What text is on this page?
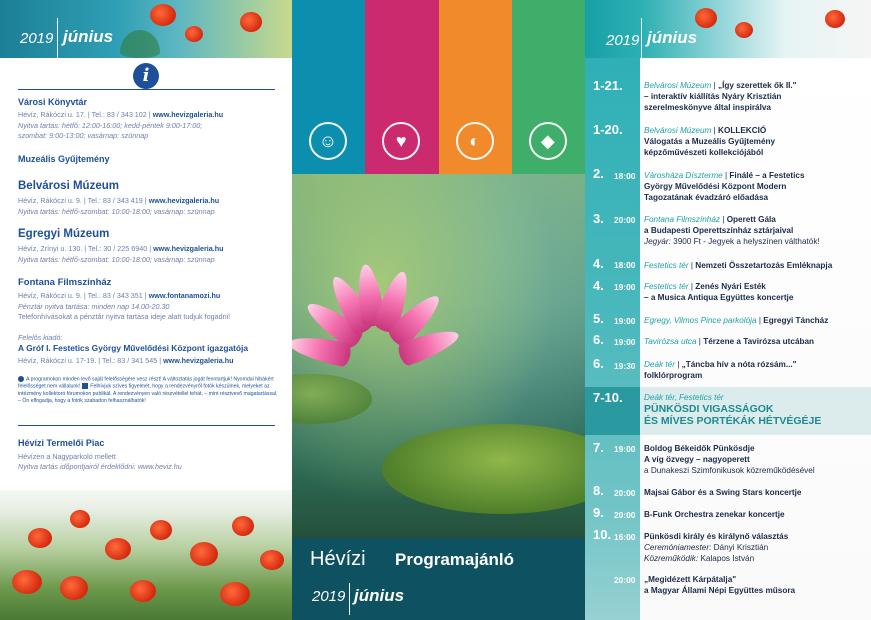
2019 június
i
Városi Könyvtár
Hévíz, Rákóczi u. 17. | Tel.: 83 / 343 102 | www.hevizgaleria.hu
Nyitva tartás: hétfő: 12:00-16:00; kedd-péntek 9:00-17:00;
szombat: 9:00-13:00; vasárnap: szünnap
Muzeális Gyűjtemény
Belvárosi Múzeum
Hévíz, Rákóczi u. 9. | Tel.: 83 / 343 419 | www.hevizgaleria.hu
Nyitva tartás: hétfő-szombat: 10:00-18:00; vasárnap: szünnap
Egregyi Múzeum
Hévíz, Zrínyi u. 130. | Tel.: 30 / 225 6940 | www.hevizgaleria.hu
Nyitva tartás: hétfő-szombat: 10:00-18:00; vasárnap: szünnap
Fontana Filmszínház
Hévíz, Rákóczi u. 9. | Tel.: 83 / 343 351 | www.fontanamozi.hu
Pénztár nyitva tartása: minden nap 14.00-20.30
Telefonhívásokat a pénztár nyitva tartása ideje alatt tudjuk fogadni!
Felelős kiadó:
A Gróf I. Festetics György Művelődési Központ igazgatója
Hévíz, Rákóczi u. 17-19. | Tel.: 83 / 341 545 | www.hevizgaleria.hu
A programokon minden levő saját felelősségére vesz részt! A változtatás jogát fenntartjuk! Nyomdai hibákért felelősséget nem vállalunk! Felhívjuk szíves figyelmét, hogy a rendezvényről fotók készülnek, melyeket az intézmény kollektoró fórumokon publikál. A rendezvényen való részvétellel tehát, – mint résztvevő magatartással, – Ön elfogadja, hogy a fotók szabadon felhasználhatók!
Hévízi Termelői Piac
Hévízen a Nagyparkoló mellett
Nyitva tartás időpontjairól érdeklődni: www.heviz.hu
☺	♥	◐	◆
Hévízi Programajánló
2019 június
2019 június
1-21.	Belvárosi Múzeum | „Így szerettek ők II."
– interaktív kiállítás Nyáry Krisztián
szerelmeskönyve által inspirálva
1-20.	Belvárosi Múzeum | KOLLEKCIÓ
Válogatás a Muzeális Gyűjtemény
képzőművészeti kollekciójából
2. 18:00 Városháza Díszterme | Finálé – a Festetics
György Művelődési Központ Modern
Tagozatának évadzáró előadása
3. 20:00 Fontana Filmszínház | Operett Gála
a Budapesti Operettszínház sztárjaival
Jegyár: 3900 Ft - Jegyek a helyszínen válthatók!
4. 18:00 Festetics tér | Nemzeti Összetartozás Emléknapja
4. 19:00 Festetics tér | Zenés Nyári Esték
– a Musica Antiqua Együttes koncertje
5. 19:00 Egregy, Vilmos Pince parkolója | Egregyi Táncház
6. 19:00 Tavirózsa utca | Térzene a Tavirózsa utcában
6. 19:30 Deák tér | „Táncba hív a nóta rózsám..."
folklórprogram
7-10.	Deák tér, Festetics tér
PÜNKÖSDI VIGASSÁGOK
ÉS MÍVES PORTÉKÁK HÉTVÉGÉJE
7. 19:00 Boldog Békeidők Pünkösdje
A víg özvegy – nagyoperett
a Dunakeszi Szimfonikusok közreműködésével
8. 20:00 Majsai Gábor és a Swing Stars koncertje
9. 20:00 B-Funk Orchestra zenekar koncertje
10. 16:00 Pünkösdi király és királynő választás
Ceremóniamester: Dányi Krisztián
Közreműködik: Kalapos István
20:00 „Megidézett Kárpátalja"
a Magyar Állami Népi Együttes műsora
